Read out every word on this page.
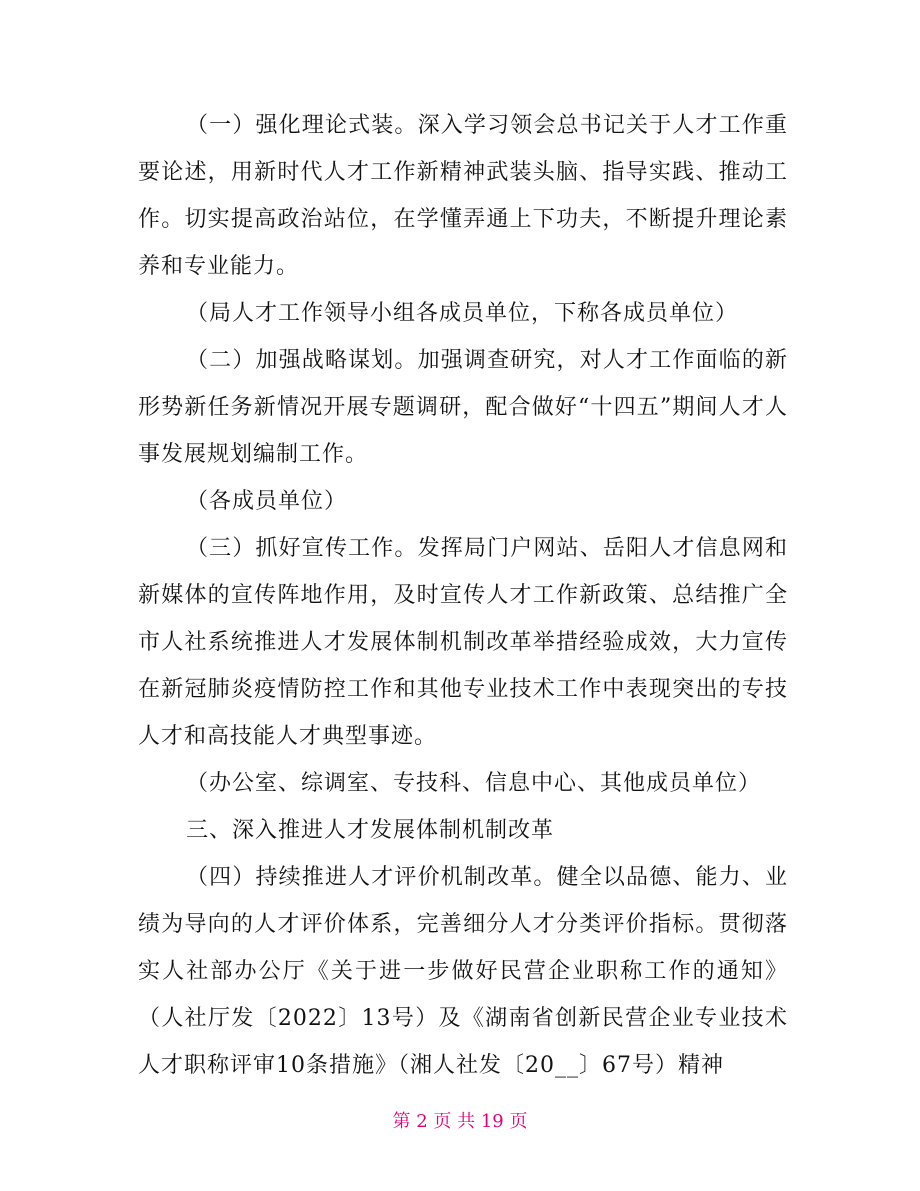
（一）强化理论式装。深入学习领会总书记关于人才工作重要论述，用新时代人才工作新精神武装头脑、指导实践、推动工作。切实提高政治站位，在学懂弄通上下功夫，不断提升理论素养和专业能力。

（局人才工作领导小组各成员单位，下称各成员单位）

（二）加强战略谋划。加强调查研究，对人才工作面临的新形势新任务新情况开展专题调研，配合做好“十四五”期间人才人事发展规划编制工作。

（各成员单位）

（三）抓好宣传工作。发挥局门户网站、岳阳人才信息网和新媒体的宣传阵地作用，及时宣传人才工作新政策、总结推广全市人社系统推进人才发展体制机制改革举措经验成效，大力宣传在新冠肺炎疫情防控工作和其他专业技术工作中表现突出的专技人才和高技能人才典型事迹。

（办公室、综调室、专技科、信息中心、其他成员单位）

三、深入推进人才发展体制机制改革

（四）持续推进人才评价机制改革。健全以品德、能力、业绩为导向的人才评价体系，完善细分人才分类评价指标。贯彻落实人社部办公厅《关于进一步做好民营企业职称工作的通知》（人社厅发〔2022〕13号）及《湖南省创新民营企业专业技术人才职称评审10条措施》（湘人社发〔20__〕67号）精神

第 2 页 共 19 页
